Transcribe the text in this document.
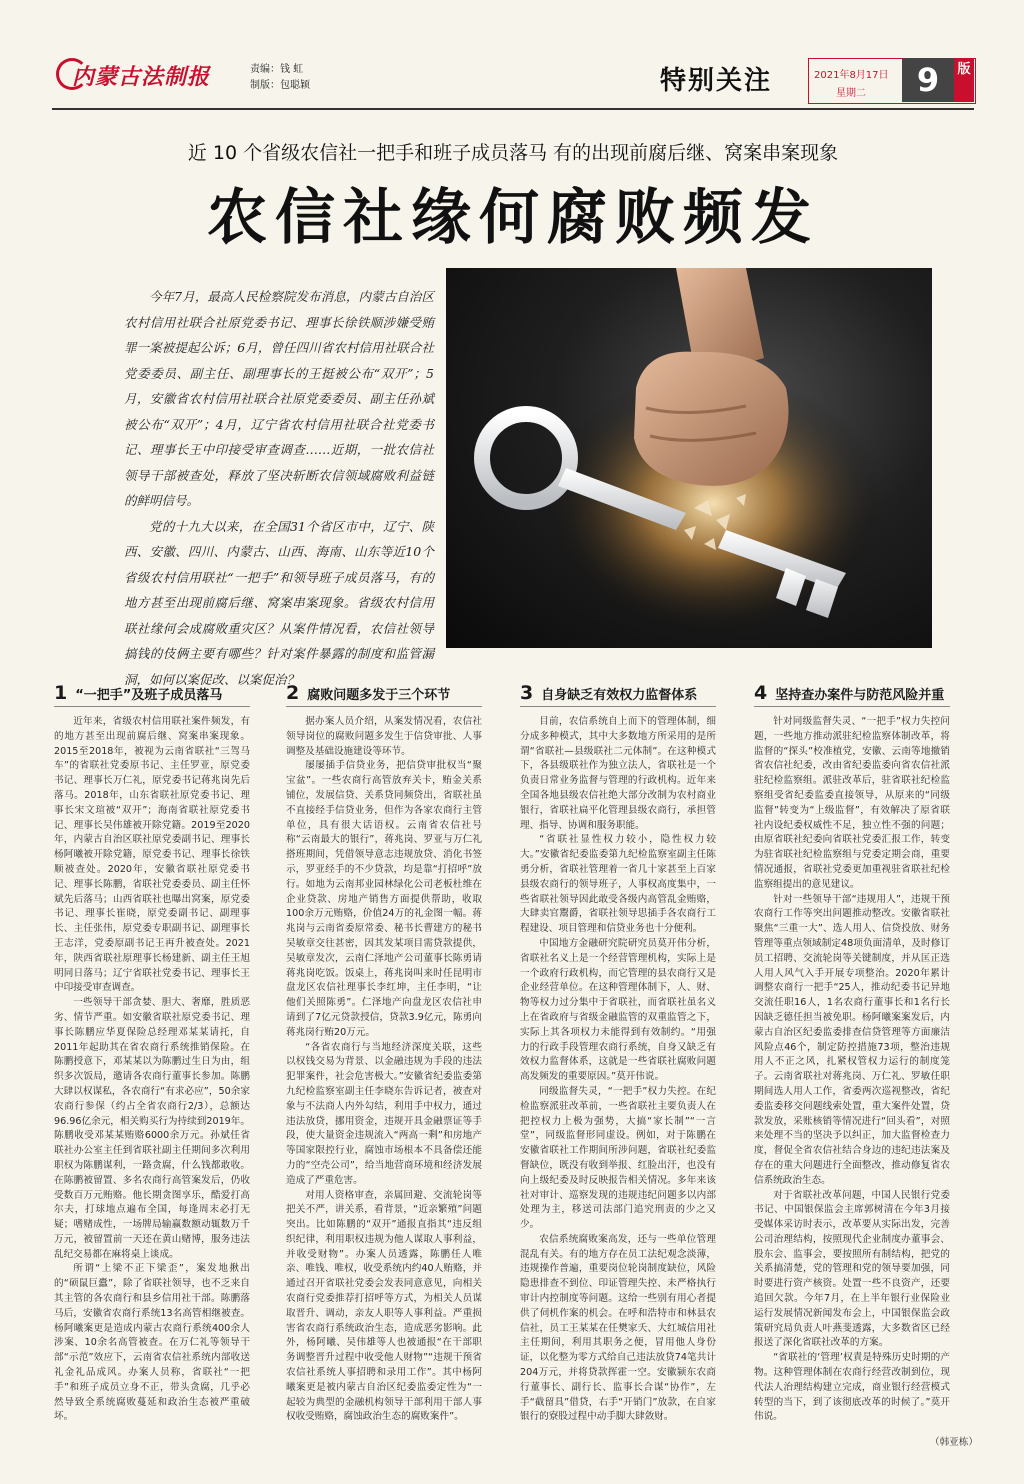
内蒙古法制报	责编：钱 虹
制版：包聪颖	特别关注	2021年8月17日
星期二	9	版
近 10 个省级农信社一把手和班子成员落马 有的出现前腐后继、窝案串案现象
农信社缘何腐败频发

今年7月，最高人民检察院发布消息，内蒙古自治区农村信用社联合社原党委书记、理事长徐铁顺涉嫌受贿罪一案被提起公诉；6月，曾任四川省农村信用社联合社党委委员、副主任、副理事长的王挺被公布“双开”；5月，安徽省农村信用社联合社原党委委员、副主任孙斌被公布“双开”；4月，辽宁省农村信用社联合社党委书记、理事长王中印接受审查调查……近期，一批农信社领导干部被查处，释放了坚决斩断农信领域腐败利益链的鲜明信号。

党的十九大以来，在全国31个省区市中，辽宁、陕西、安徽、四川、内蒙古、山西、海南、山东等近10个省级农村信用联社“一把手”和领导班子成员落马，有的地方甚至出现前腐后继、窝案串案现象。省级农村信用联社缘何会成腐败重灾区？从案件情况看，农信社领导搞钱的伎俩主要有哪些？针对案件暴露的制度和监管漏洞，如何以案促改、以案促治？

1 “一把手”及班子成员落马

近年来，省级农村信用联社案件频发，有的地方甚至出现前腐后继、窝案串案现象。2015至2018年，被视为云南省联社“三驾马车”的省联社党委原书记、主任罗亚，原党委书记、理事长万仁礼，原党委书记蒋兆岗先后落马。2018年，山东省联社原党委书记、理事长宋文瑄被“双开”；海南省联社原党委书记、理事长吴伟雄被开除党籍。2019至2020年，内蒙古自治区联社原党委副书记、理事长杨阿曦被开除党籍，原党委书记、理事长徐铁顺被查处。2020年，安徽省联社原党委书记、理事长陈鹏，省联社党委委员、副主任怀斌先后落马；山西省联社也曝出窝案，原党委书记、理事长崔晓，原党委副书记、副理事长、主任张伟，原党委专职副书记、副理事长王志洋，党委原副书记王再升被查处。2021年，陕西省联社原理事长杨建新、副主任王旭明同日落马；辽宁省联社党委书记、理事长王中印接受审查调查。

一些领导干部贪婪、胆大、奢靡，胜质恶劣、情节严重。如安徽省联社原党委书记、理事长陈鹏应华夏保险总经理邓某某请托，自2011年起助其在省农商行系统推销保险。在陈鹏授意下，邓某某以为陈鹏过生日为由，组织多次饭局，邀请各农商行董事长参加。陈鹏大肆以权谋私，各农商行“有求必应”，50余家农商行参保（约占全省农商行2/3），总额达96.96亿余元，相关购买行为持续到2019年。陈鹏收受邓某某贿赂6000余万元。孙斌任省联社办公室主任到省联社副主任期间多次利用职权为陈鹏谋利，一路贪腐，什么钱都敢收。在陈鹏被留置、多名农商行高管案发后，仍收受数百万元贿赂。他长期贪图享乐，酷爱打高尔夫，打球地点遍布全国，每逢周末必打无疑；嗜赌成性，一场牌局输赢数额动辄数万千万元，被留置前一天还在黄山赌博，服务违法乱纪交易都在麻将桌上谈成。

所谓“上梁不正下梁歪”，案发地揪出的“硕鼠巨蠹”，除了省联社领导，也不乏来自其主管的各农商行和县乡信用社干部。陈鹏落马后，安徽省农商行系统13名高管相继被查。杨阿曦案更是造成内蒙古农商行系统400余人涉案、10余名高管被查。在万仁礼等领导干部“示范”效应下，云南省农信社系统内部收送礼金礼品成风。办案人员称，省联社“一把手”和班子成员立身不正，带头贪腐，几乎必然导致全系统腐败蔓延和政治生态被严重破坏。

2 腐败问题多发于三个环节

据办案人员介绍，从案发情况看，农信社领导岗位的腐败问题多发生于信贷审批、人事调整及基础设施建设等环节。

屡屡插手信贷业务，把信贷审批权当“聚宝盆”。一些农商行高管放弃关卡，贿金关系铺位，发展信贷、关系贷同频贷出，省联社虽不直接经手信贷业务，但作为各家农商行主管单位，具有很大话语权。云南省农信社号称“云南最大的银行”，蒋兆岗、罗亚与万仁礼搭班期间，凭借领导意志违规放贷、消化书签示，罗亚经手的不少贷款，均是靠“打招呼”放行。如地为云南邦业园林绿化公司老板杜维在企业贷款、房地产销售方面提供帮助，收取100余万元贿赂，价值24万的礼金图一幅。蒋兆岗与云南省委原常委、秘书长曹建方的秘书吴敏章交往甚密，因其发某项目需贷款提供，吴敏章发次，云南仁泽地产公司董事长陈勇请蒋兆岗吃饭。饭桌上，蒋兆岗叫来时任昆明市盘龙区农信社理事长李红坤，主任李明，“让他们关照陈勇”。仁泽地产向盘龙区农信社申请到了7亿元贷款授信，贷款3.9亿元，陈勇向蒋兆岗行贿20万元。

“各省农商行与当地经济深度关联，这些以权钱交易为背景、以金融违规为手段的违法犯罪案件，社会危害极大。”安徽省纪委监委第九纪检监察室副主任李晓东告诉记者，被查对象与不法商人内外勾结，利用手中权力，通过违法放贷，挪用资金，违规开具金融票证等手段，使大量资金违规流入“两高一剩”和房地产等国家限控行业，腐蚀市场根本不具备偿还能力的“空壳公司”，给当地营商环境和经济发展造成了严重危害。

对用人资格审查，亲属回避、交流轮岗等把关不严，讲关系，看背景，“近亲繁殖”问题突出。比如陈鹏的“双开”通报直指其“违反组织纪律，利用职权违规为他人谋取人事利益，并收受财物”。办案人员透露，陈鹏任人唯亲、唯钱、唯权，收受系统内约40人贿赂，并通过召开省联社党委会发表同意意见，向相关农商行党委推荐打招呼等方式，为相关人员谋取晋升、调动，亲友人职等人事利益。严重损害省农商行系统政治生态，造成恶劣影响。此外，杨阿曦、吴伟雄等人也被通报“在干部职务调整晋升过程中收受他人财物”“违规干预省农信社系统人事招聘和录用工作”。其中杨阿曦案更是被内蒙古自治区纪委监委定性为“一起较为典型的金融机构领导干部利用干部人事权收受贿赂，腐蚀政治生态的腐败案件”。

3 自身缺乏有效权力监督体系

目前，农信系统自上而下的管理体制，细分成多种模式，其中大多数地方所采用的是所谓“省联社—县级联社二元体制”。在这种模式下，各县级联社作为独立法人，省联社是一个负责日常业务监督与管理的行政机构。近年来全国各地县级农信社绝大部分改制为农村商业银行，省联社扁平化管理县级农商行，承担管理、指导、协调和服务职能。

“省联社显性权力较小，隐性权力较大。”安徽省纪委监委第九纪检监察室副主任陈勇分析，省联社管理着一省几十家甚至上百家县级农商行的领导班子，人事权高度集中，一些省联社领导因此敢受各级内高管乱金贿赂，大肆卖官鬻爵，省联社领导思插手各农商行工程建设、项目管理和信贷业务也十分便利。

中国地方金融研究院研究员莫开伟分析，省联社名义上是一个经营管理机构，实际上是一个政府行政机构，而它管理的县农商行又是企业经营单位。在这种管理体制下，人、财、物等权力过分集中于省联社，而省联社虽名义上在省政府与省级金融监管的双重监管之下，实际上其各项权力未能得到有效制约。“用强力的行政手段管理农商行系统，自身又缺乏有效权力监督体系，这就是一些省联社腐败问题高发频发的重要原因。”莫开伟说。

同级监督失灵，“一把手”权力失控。在纪检监察派驻改革前，一些省联社主要负责人在把控权力上极为强势，大搞“家长制”“一言堂”，同级监督形同虚设。例如，对于陈鹏在安徽省联社工作期间所涉问题，省联社纪委监督缺位，既没有收到举报、红脸出汗，也没有向上级纪委及时反映报告相关情况。多年来该社对审计、巡察发现的违规违纪问题多以内部处理为主，移送司法部门追究刑责的少之又少。

农信系统腐败案高发，还与一些单位管理混乱有关。有的地方存在员工法纪观念淡薄，违规操作普遍，重要岗位轮岗制度缺位，风险隐患排查不到位、印证管理失控、未严格执行审计内控制度等问题。这给一些别有用心者提供了伺机作案的机会。在呼和浩特市和林县农信社，员工王某某在任樊家夭、大红城信用社主任期间，利用其职务之便，冒用他人身份证，以化整为零方式给自己违法放贷74笔共计204万元，并将贷款挥霍一空。安徽颍东农商行董事长、副行长、监事长合谋“协作”，左手“截留具”借贷，右手“开销门”放款，在自家银行的寮股过程中动手脚大肆敛财。

4 坚持查办案件与防范风险并重

针对同级监督失灵、“一把手”权力失控问题，一些地方推动派驻纪检监察体制改革，将监督的“探头”校准植党，安徽、云南等地撤销省农信社纪委，改由省纪委监委向省农信社派驻纪检监察组。派驻改革后，驻省联社纪检监察组受省纪委监委直接领导，从原来的“同级监督”转变为“上级监督”，有效解决了原省联社内设纪委权威性不足，独立性不强的问题；由原省联社纪委向省联社党委汇报工作，转变为驻省联社纪检监察组与党委定期会商，重要情况通报，省联社党委更加重视驻省联社纪检监察组提出的意见建议。

针对一些领导干部“违规用人”，违规干预农商行工作等突出问题推动整改。安徽省联社聚焦“三重一大”、选人用人、信贷投放、财务管理等重点领域制定48项负面清单，及时修订员工招聘、交流轮岗等关键制度，并从匡正选人用人风气入手开展专项整治。2020年累计调整农商行一把手“25人，推动纪委书记异地交流任职16人，1名农商行董事长和1名行长因缺乏德任担当被免职。杨阿曦案案发后，内蒙古自治区纪委监委排查信贷管理等方面廉洁风险点46个，制定防控措施73项，整治违规用人不正之风，扎紧权管权力运行的制度笼子。云南省联社对蒋兆岗、万仁礼、罗敏任职期间选人用人工作，省委两次巡视整改，省纪委监委移交问题线索处置，重大案件处置，贷款发放，采账核销等情况进行“回头看”，对照来处理不当的坚决予以纠正，加大监督检查力度，督促全省农信社结合身边的违纪违法案及存在的重大问题进行全面整改，推动修复省农信系统政治生态。

对于省联社改革问题，中国人民银行党委书记、中国银保监会主席郭树清在今年3月接受媒体采访时表示，改革要从实际出发，完善公司治理结构，按照现代企业制度办董事会、股东会、监事会，要按照所有制结构，把党的关系搞清楚，党的管理和党的领导要加强，同时要进行资产核资。处置一些不良资产，还要追回欠款。今年7月，在上半年银行业保险业运行发展情况新闻发布会上，中国银保监会政策研究局负责人叶燕斐透露，大多数省区已经报送了深化省联社改革的方案。

“省联社的‘管理’权責是特殊历史时期的产物。这种管理体制在农商行经营改制到位，现代法人治理结构建立完成，商业银行经营模式转型的当下，到了该彻底改革的时候了。”莫开伟说。

（韩亚栋）
